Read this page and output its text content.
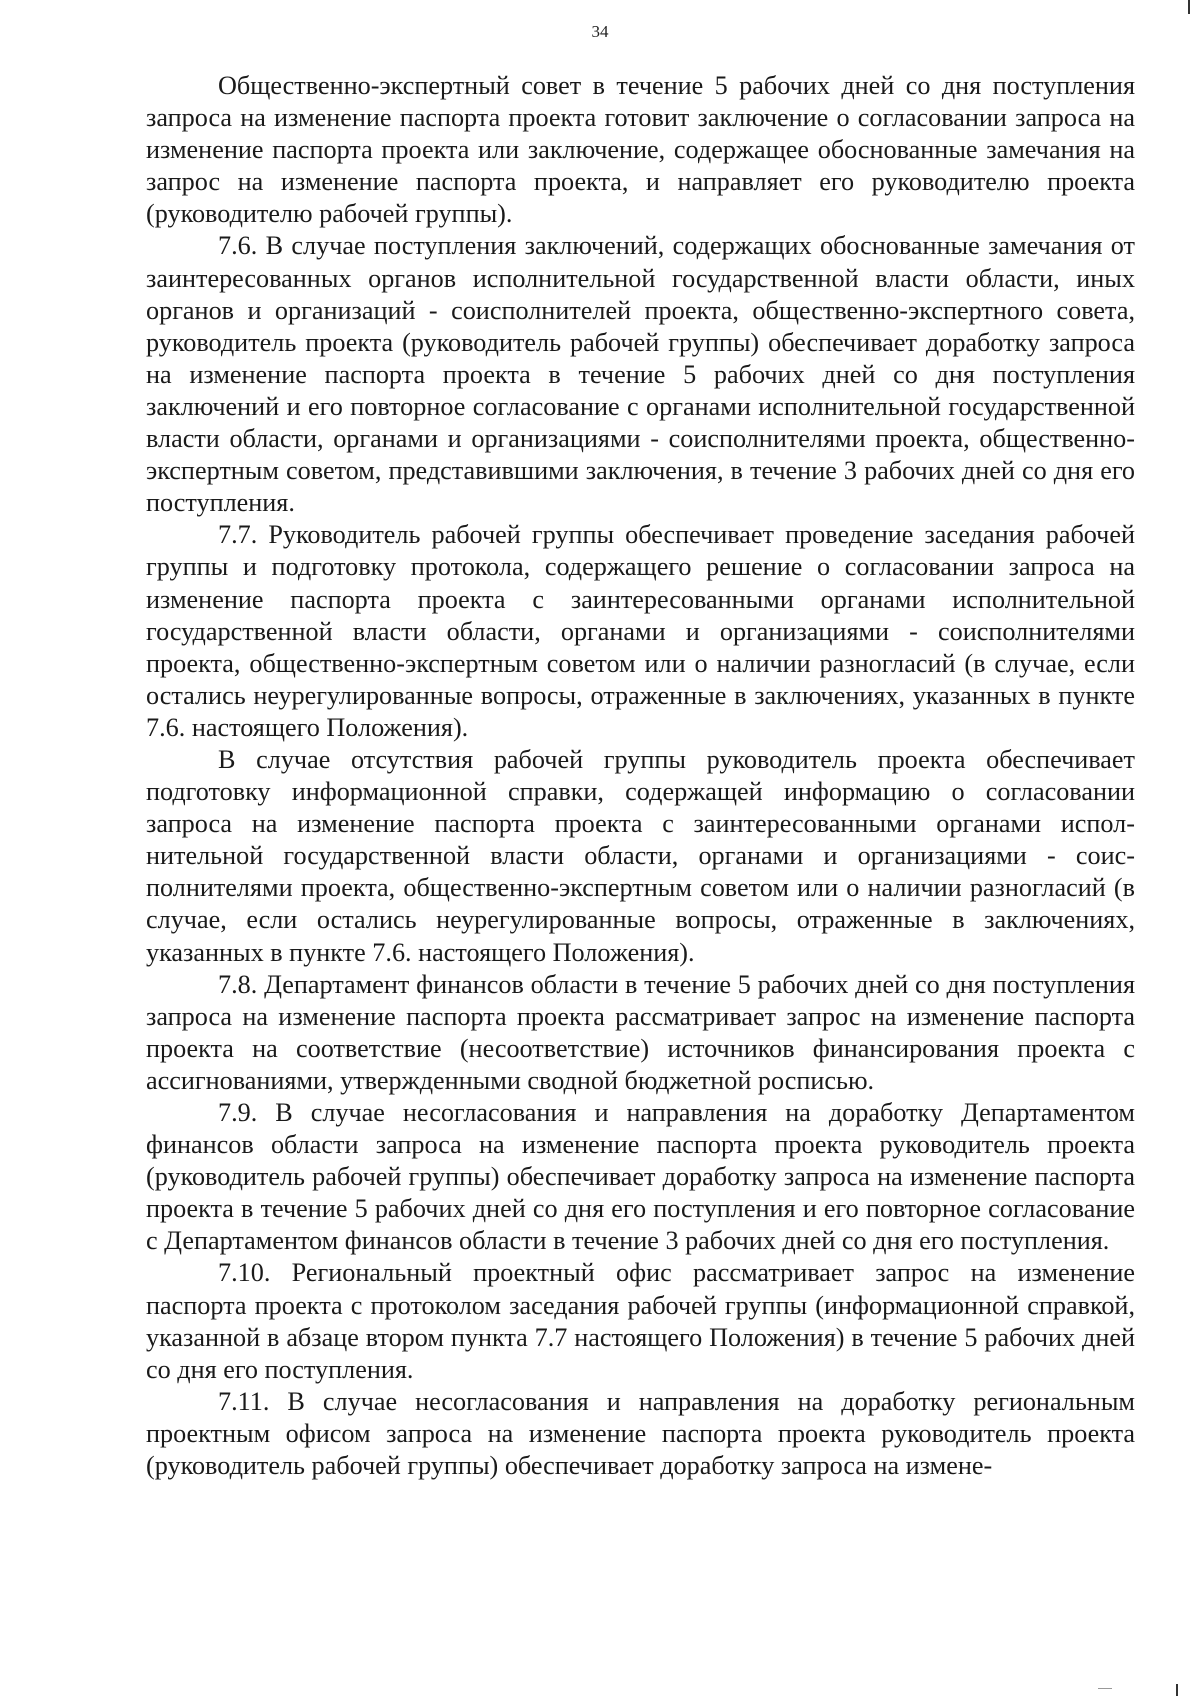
34

Общественно-экспертный совет в течение 5 рабочих дней со дня поступления запроса на изменение паспорта проекта готовит заключение о согласовании запроса на изменение паспорта проекта или заключение, содержащее обоснованные замечания на запрос на изменение паспорта проекта, и направляет его руководителю проекта (руководителю рабочей группы).

7.6. В случае поступления заключений, содержащих обоснованные замечания от заинтересованных органов исполнительной государственной власти области, иных органов и организаций - соисполнителей проекта, общественно-экспертного совета, руководитель проекта (руководитель рабочей группы) обеспечивает доработку запроса на изменение паспорта проекта в течение 5 рабочих дней со дня поступления заключений и его повторное согласование с органами исполнительной государственной власти области, органами и организациями - соисполнителями проекта, общественно-экспертным советом, представившими заключения, в течение 3 рабочих дней со дня его поступления.

7.7. Руководитель рабочей группы обеспечивает проведение заседания рабочей группы и подготовку протокола, содержащего решение о согласовании запроса на изменение паспорта проекта с заинтересованными органами исполнительной государственной власти области, органами и организациями - соисполнителями проекта, общественно-экспертным советом или о наличии разногласий (в случае, если остались неурегулированные вопросы, отраженные в заключениях, указанных в пункте 7.6. настоящего Положения).

В случае отсутствия рабочей группы руководитель проекта обеспечивает подготовку информационной справки, содержащей информацию о согласовании запроса на изменение паспорта проекта с заинтересованными органами исполнительной государственной власти области, органами и организациями - соисполнителями проекта, общественно-экспертным советом или о наличии разногласий (в случае, если остались неурегулированные вопросы, отраженные в заключениях, указанных в пункте 7.6. настоящего Положения).

7.8. Департамент финансов области в течение 5 рабочих дней со дня поступления запроса на изменение паспорта проекта рассматривает запрос на изменение паспорта проекта на соответствие (несоответствие) источников финансирования проекта с ассигнованиями, утвержденными сводной бюджетной росписью.

7.9. В случае несогласования и направления на доработку Департаментом финансов области запроса на изменение паспорта проекта руководитель проекта (руководитель рабочей группы) обеспечивает доработку запроса на изменение паспорта проекта в течение 5 рабочих дней со дня его поступления и его повторное согласование с Департаментом финансов области в течение 3 рабочих дней со дня его поступления.

7.10. Региональный проектный офис рассматривает запрос на изменение паспорта проекта с протоколом заседания рабочей группы (информационной справкой, указанной в абзаце втором пункта 7.7 настоящего Положения) в течение 5 рабочих дней со дня его поступления.

7.11. В случае несогласования и направления на доработку региональным проектным офисом запроса на изменение паспорта проекта руководитель проекта (руководитель рабочей группы) обеспечивает доработку запроса на измене-
